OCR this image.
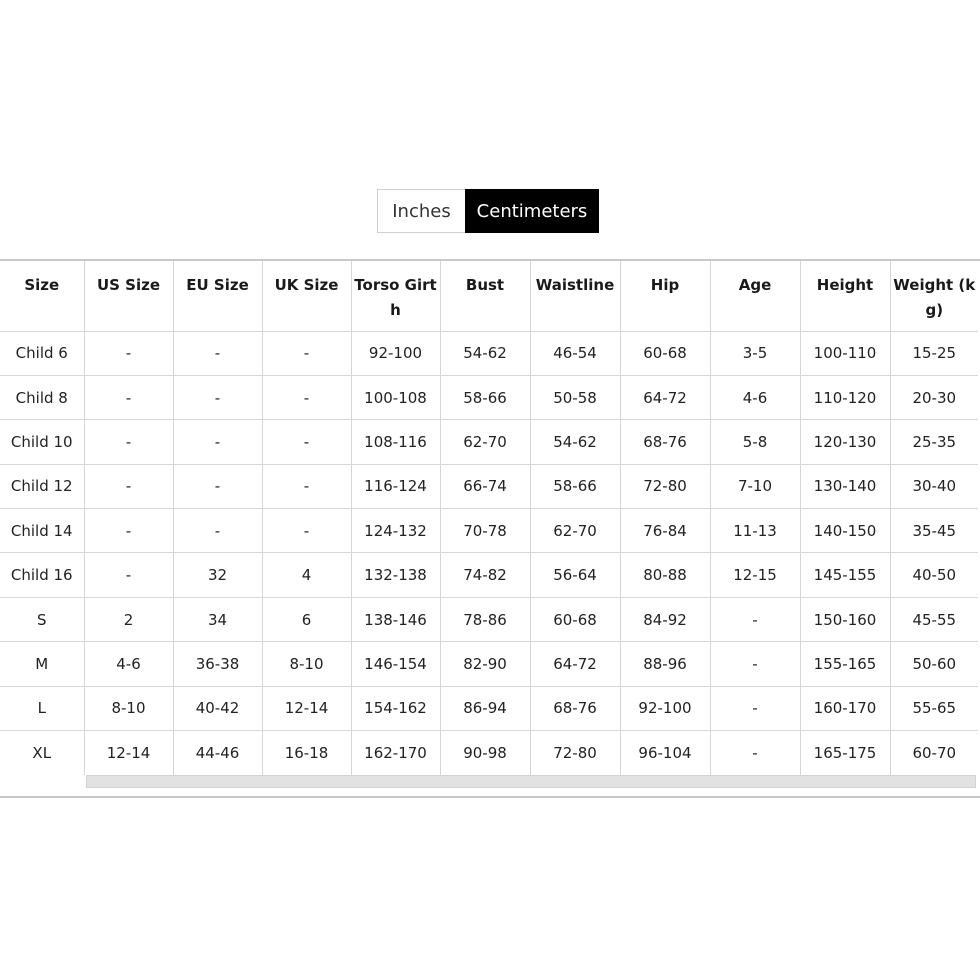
Inches	Centimeters
Size	US Size	EU Size	UK Size	Torso Girth	Bust	Waistline	Hip	Age	Height	Weight (kg)
Child 6	-	-	-	92-100	54-62	46-54	60-68	3-5	100-110	15-25
Child 8	-	-	-	100-108	58-66	50-58	64-72	4-6	110-120	20-30
Child 10	-	-	-	108-116	62-70	54-62	68-76	5-8	120-130	25-35
Child 12	-	-	-	116-124	66-74	58-66	72-80	7-10	130-140	30-40
Child 14	-	-	-	124-132	70-78	62-70	76-84	11-13	140-150	35-45
Child 16	-	32	4	132-138	74-82	56-64	80-88	12-15	145-155	40-50
S	2	34	6	138-146	78-86	60-68	84-92	-	150-160	45-55
M	4-6	36-38	8-10	146-154	82-90	64-72	88-96	-	155-165	50-60
L	8-10	40-42	12-14	154-162	86-94	68-76	92-100	-	160-170	55-65
XL	12-14	44-46	16-18	162-170	90-98	72-80	96-104	-	165-175	60-70
